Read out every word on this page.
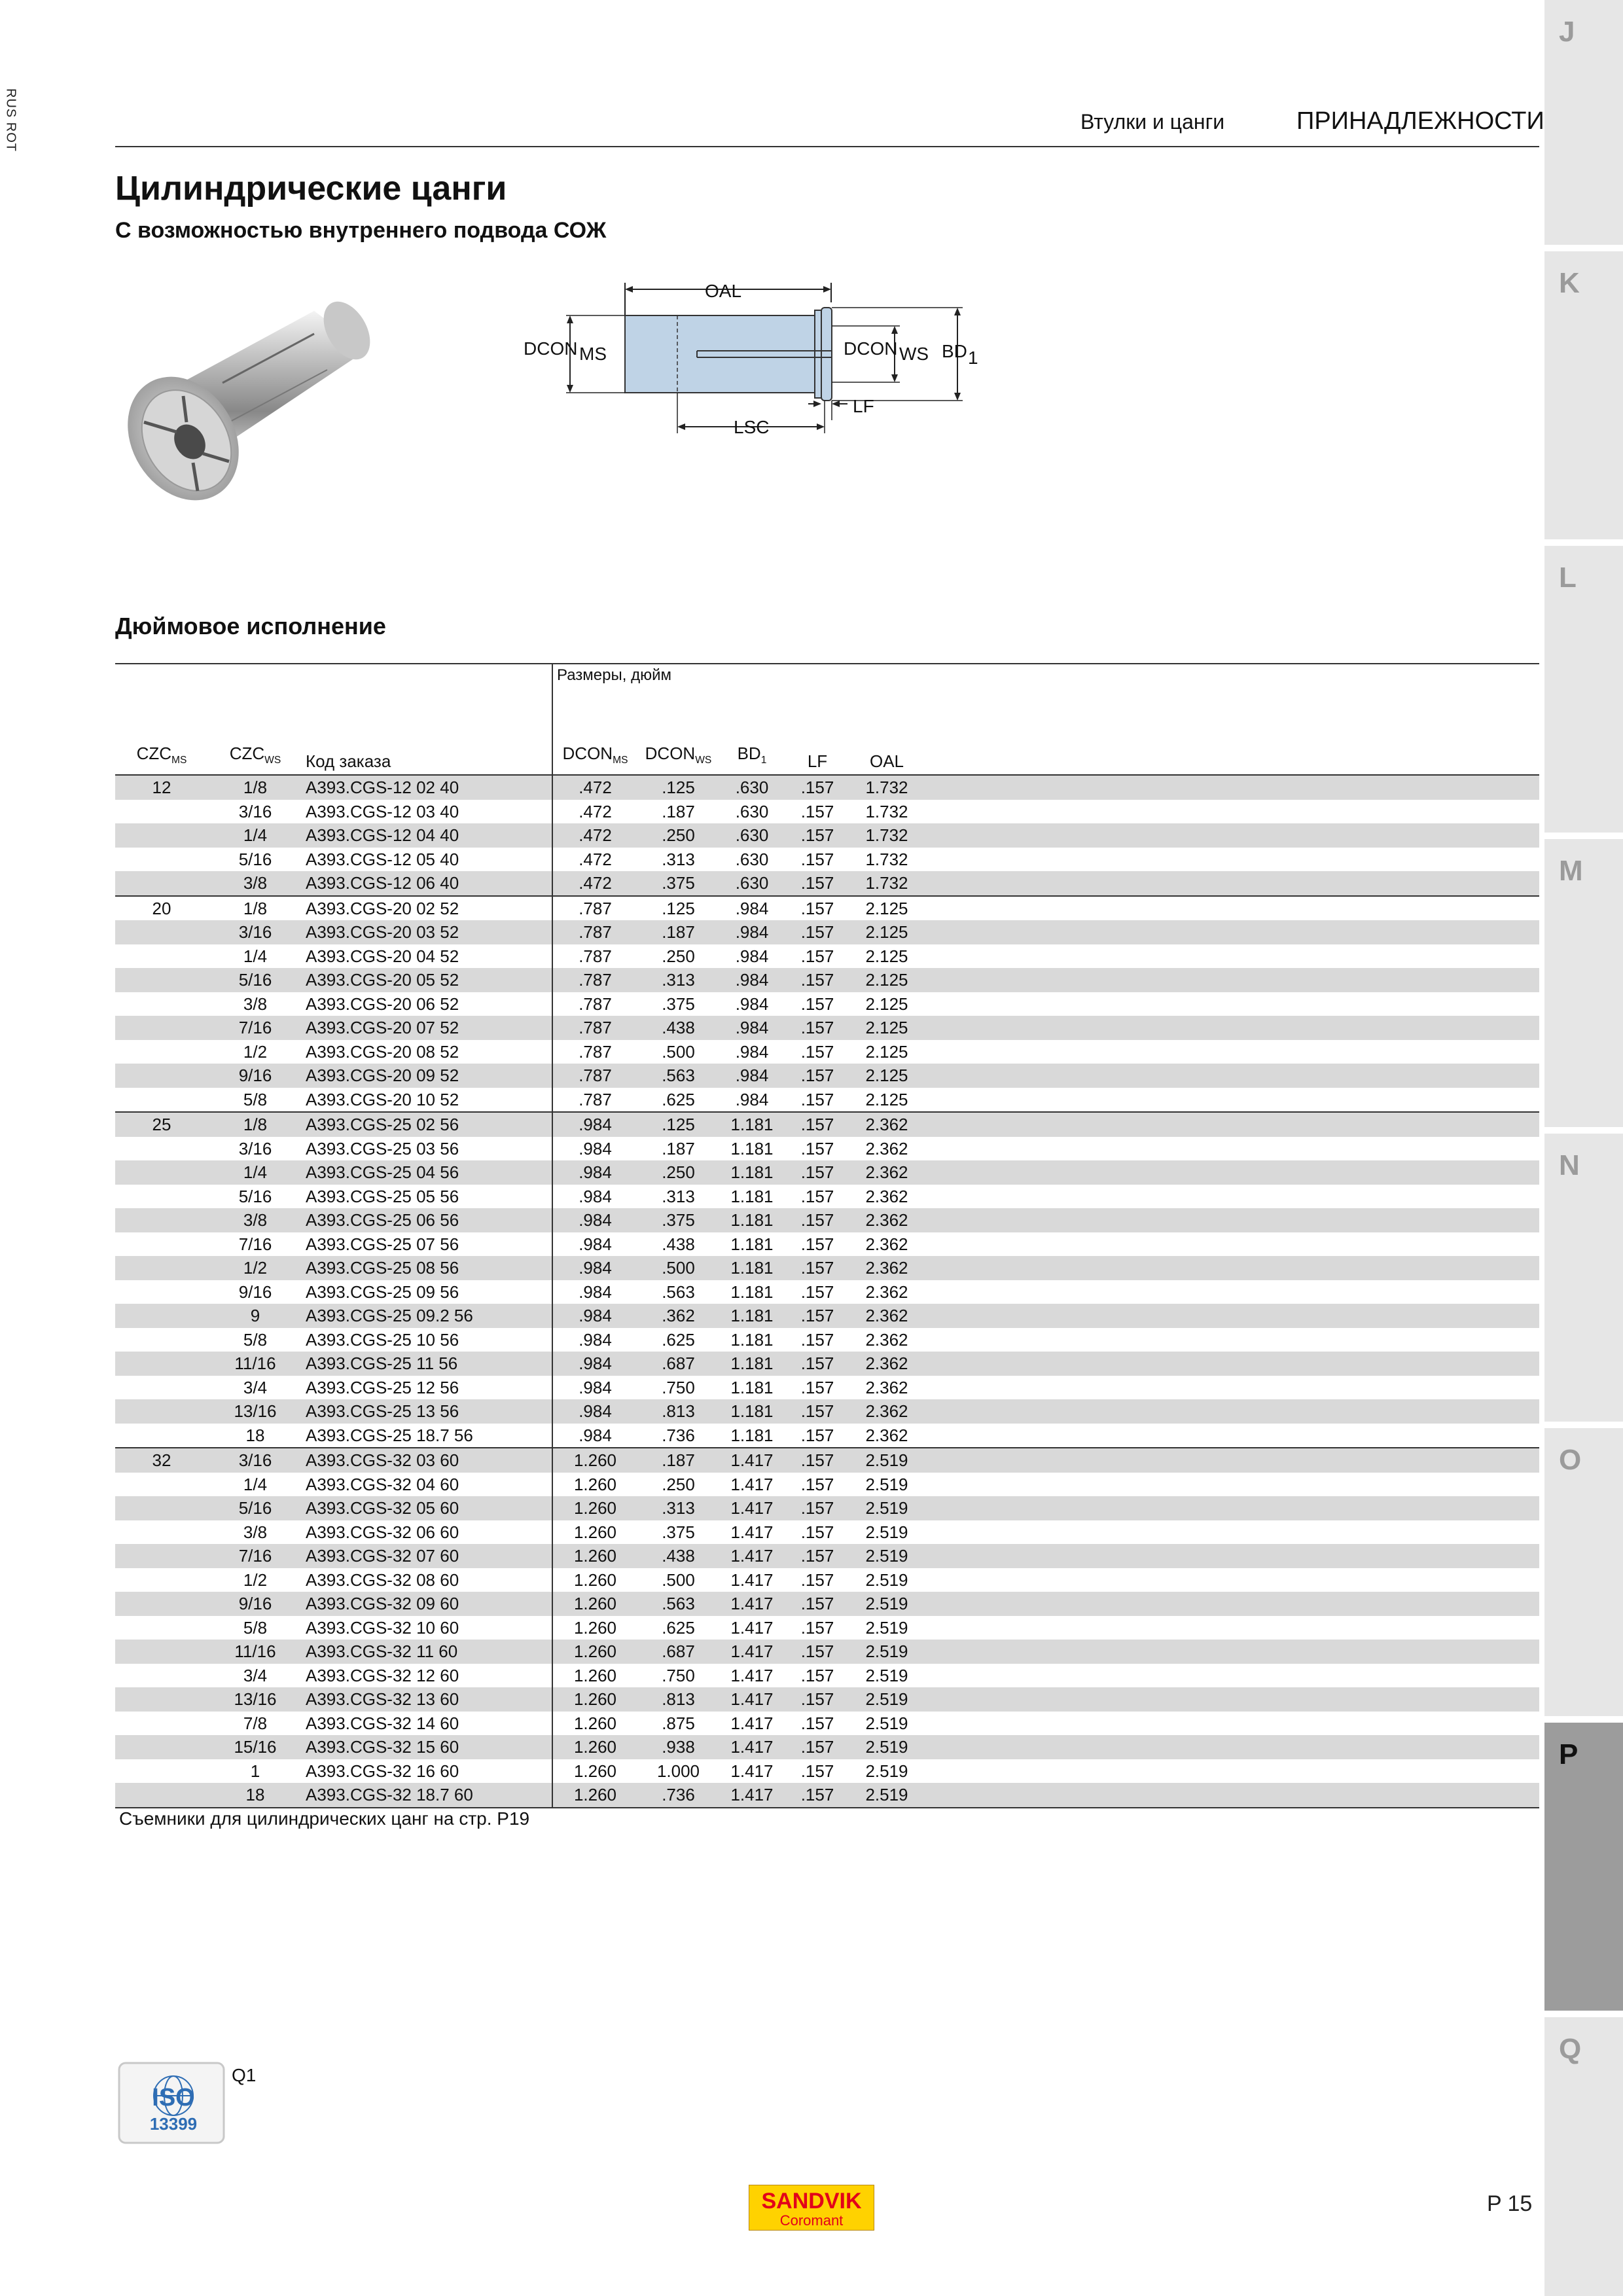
RUS ROT	Втулки и цанги	ПРИНАДЛЕЖНОСТИ
Цилиндрические цанги
С возможностью внутреннего подвода СОЖ
OAL
DCON MS	DCON WS BD 1
LF
LSC
Дюймовое исполнение
			Размеры, дюйм					
$CZC_{MS}$	$CZC_{WS}$	Код заказа	$DCON_{MS}$	$DCON_{WS}$	$BD_1$	LF	OAL	
12	1/8	A393.CGS-12 02 40	.472	.125	.630	.157	1.732	
	3/16	A393.CGS-12 03 40	.472	.187	.630	.157	1.732	
	1/4	A393.CGS-12 04 40	.472	.250	.630	.157	1.732	
	5/16	A393.CGS-12 05 40	.472	.313	.630	.157	1.732	
	3/8	A393.CGS-12 06 40	.472	.375	.630	.157	1.732	
20	1/8	A393.CGS-20 02 52	.787	.125	.984	.157	2.125	
	3/16	A393.CGS-20 03 52	.787	.187	.984	.157	2.125	
	1/4	A393.CGS-20 04 52	.787	.250	.984	.157	2.125	
	5/16	A393.CGS-20 05 52	.787	.313	.984	.157	2.125	
	3/8	A393.CGS-20 06 52	.787	.375	.984	.157	2.125	
	7/16	A393.CGS-20 07 52	.787	.438	.984	.157	2.125	
	1/2	A393.CGS-20 08 52	.787	.500	.984	.157	2.125	
	9/16	A393.CGS-20 09 52	.787	.563	.984	.157	2.125	
	5/8	A393.CGS-20 10 52	.787	.625	.984	.157	2.125	
25	1/8	A393.CGS-25 02 56	.984	.125	1.181	.157	2.362	
	3/16	A393.CGS-25 03 56	.984	.187	1.181	.157	2.362	
	1/4	A393.CGS-25 04 56	.984	.250	1.181	.157	2.362	
	5/16	A393.CGS-25 05 56	.984	.313	1.181	.157	2.362	
	3/8	A393.CGS-25 06 56	.984	.375	1.181	.157	2.362	
	7/16	A393.CGS-25 07 56	.984	.438	1.181	.157	2.362	
	1/2	A393.CGS-25 08 56	.984	.500	1.181	.157	2.362	
	9/16	A393.CGS-25 09 56	.984	.563	1.181	.157	2.362	
	9	A393.CGS-25 09.2 56	.984	.362	1.181	.157	2.362	
	5/8	A393.CGS-25 10 56	.984	.625	1.181	.157	2.362	
	11/16	A393.CGS-25 11 56	.984	.687	1.181	.157	2.362	
	3/4	A393.CGS-25 12 56	.984	.750	1.181	.157	2.362	
	13/16	A393.CGS-25 13 56	.984	.813	1.181	.157	2.362	
	18	A393.CGS-25 18.7 56	.984	.736	1.181	.157	2.362	
32	3/16	A393.CGS-32 03 60	1.260	.187	1.417	.157	2.519	
	1/4	A393.CGS-32 04 60	1.260	.250	1.417	.157	2.519	
	5/16	A393.CGS-32 05 60	1.260	.313	1.417	.157	2.519	
	3/8	A393.CGS-32 06 60	1.260	.375	1.417	.157	2.519	
	7/16	A393.CGS-32 07 60	1.260	.438	1.417	.157	2.519	
	1/2	A393.CGS-32 08 60	1.260	.500	1.417	.157	2.519	
	9/16	A393.CGS-32 09 60	1.260	.563	1.417	.157	2.519	
	5/8	A393.CGS-32 10 60	1.260	.625	1.417	.157	2.519	
	11/16	A393.CGS-32 11 60	1.260	.687	1.417	.157	2.519	
	3/4	A393.CGS-32 12 60	1.260	.750	1.417	.157	2.519	
	13/16	A393.CGS-32 13 60	1.260	.813	1.417	.157	2.519	
	7/8	A393.CGS-32 14 60	1.260	.875	1.417	.157	2.519	
	15/16	A393.CGS-32 15 60	1.260	.938	1.417	.157	2.519	
	1	A393.CGS-32 16 60	1.260	1.000	1.417	.157	2.519	
	18	A393.CGS-32 18.7 60	1.260	.736	1.417	.157	2.519	
Съемники для цилиндрических цанг на стр. P19
ISO
13399
Q1
SANDVIK
Coromant
P 15
J
K
L
M
N
O
P
Q
